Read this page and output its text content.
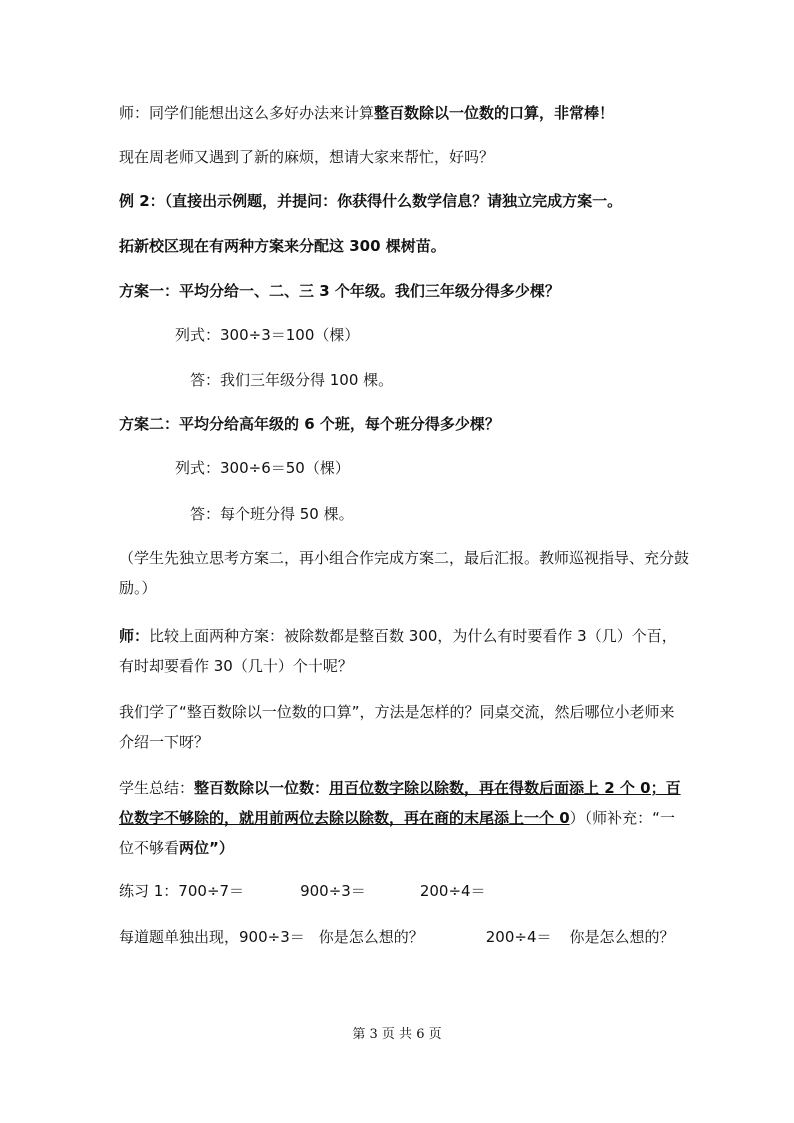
师：同学们能想出这么多好办法来计算整百数除以一位数的口算，非常棒！
现在周老师又遇到了新的麻烦，想请大家来帮忙，好吗？
例 2：（直接出示例题，并提问：你获得什么数学信息？请独立完成方案一。
拓新校区现在有两种方案来分配这 300 棵树苗。
方案一：平均分给一、二、三 3 个年级。我们三年级分得多少棵？
列式：300÷3＝100（棵）
答：我们三年级分得 100 棵。
方案二：平均分给高年级的 6 个班，每个班分得多少棵？
列式：300÷6＝50（棵）
答：每个班分得 50 棵。
（学生先独立思考方案二，再小组合作完成方案二，最后汇报。教师巡视指导、充分鼓励。）
师：比较上面两种方案：被除数都是整百数 300，为什么有时要看作 3（几）个百，有时却要看作 30（几十）个十呢？
我们学了“整百数除以一位数的口算”，方法是怎样的？同桌交流，然后哪位小老师来介绍一下呀？
学生总结：整百数除以一位数：用百位数字除以除数，再在得数后面添上 2 个 0；百位数字不够除的，就用前两位去除以除数，再在商的末尾添上一个 0）（师补充：“一位不够看两位”）
练习 1：700÷7＝	900÷3＝	200÷4＝
每道题单独出现，900÷3＝ 你是怎么想的？	200÷4＝ 你是怎么想的？
第 3 页 共 6 页
